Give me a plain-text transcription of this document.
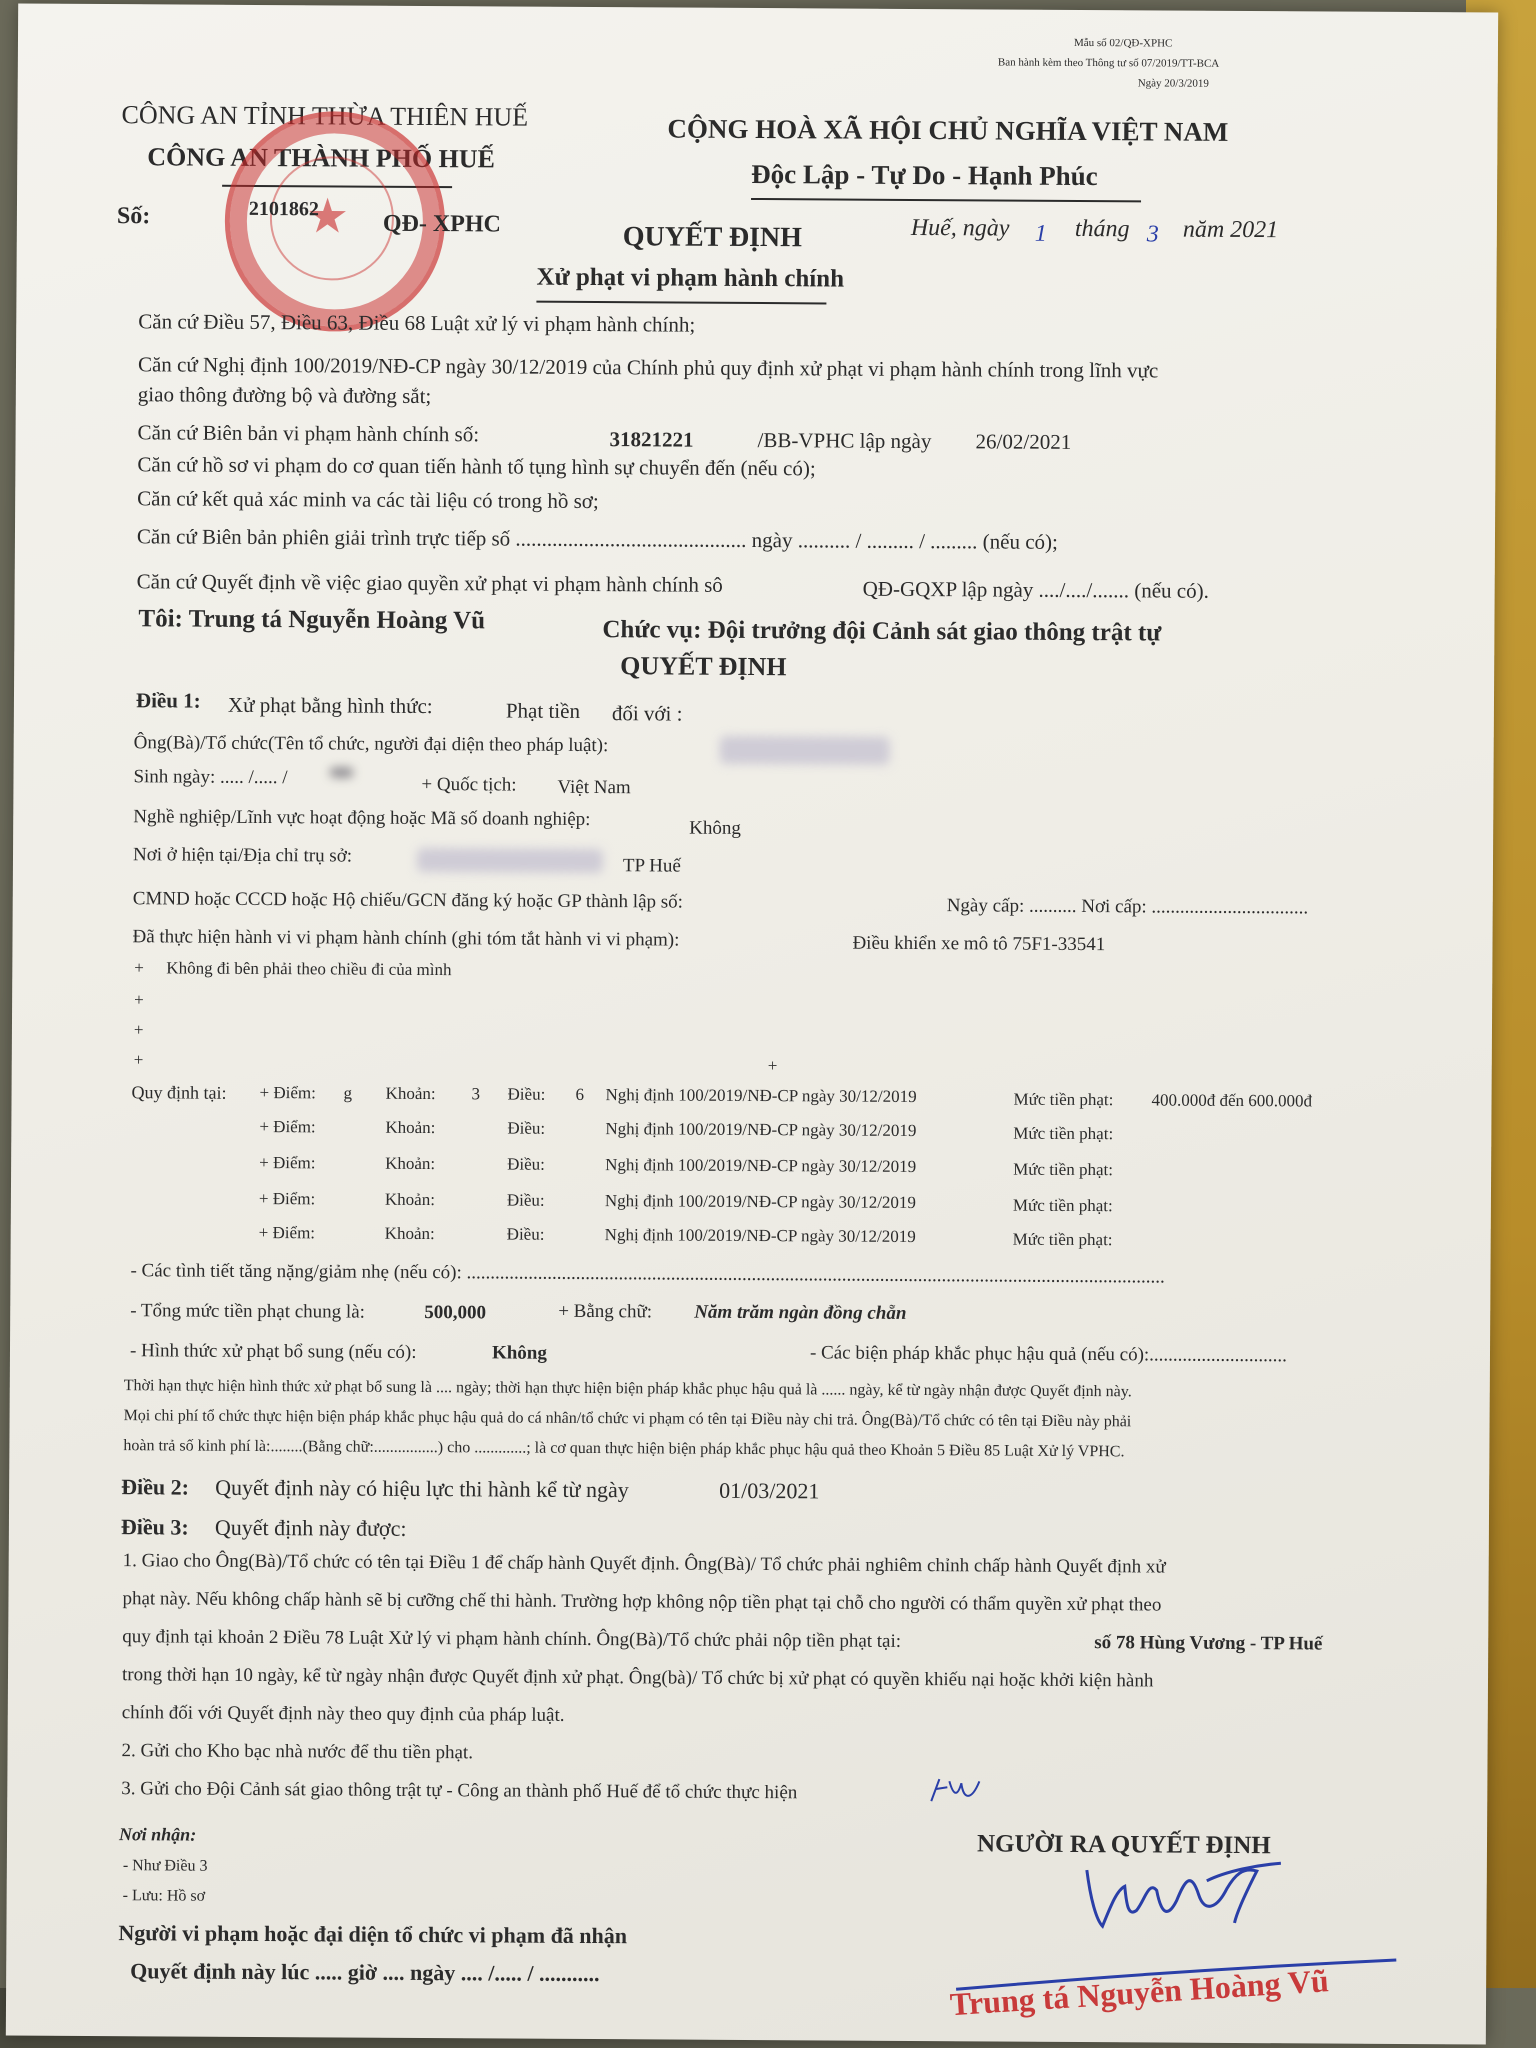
Mẫu số 02/QĐ-XPHC
Ban hành kèm theo Thông tư số 07/2019/TT-BCA
Ngày 20/3/2019
CÔNG AN TỈNH THỪA THIÊN HUẾ
CÔNG AN THÀNH PHỐ HUẾ
CỘNG HOÀ XÃ HỘI CHỦ NGHĨA VIỆT NAM
Độc Lập - Tự Do - Hạnh Phúc
★
Số:	2101862
QĐ- XPHC	Huế, ngày 1 tháng 3 năm 2021
QUYẾT ĐỊNH
Xử phạt vi phạm hành chính
Căn cứ Điều 57, Điều 63, Điều 68 Luật xử lý vi phạm hành chính;
Căn cứ Nghị định 100/2019/NĐ-CP ngày 30/12/2019 của Chính phủ quy định xử phạt vi phạm hành chính trong lĩnh vực
giao thông đường bộ và đường sắt;
Căn cứ Biên bản vi phạm hành chính số:	31821221	/BB-VPHC lập ngày 26/02/2021
Căn cứ hồ sơ vi phạm do cơ quan tiến hành tố tụng hình sự chuyển đến (nếu có);
Căn cứ kết quả xác minh va các tài liệu có trong hồ sơ;
Căn cứ Biên bản phiên giải trình trực tiếp số ............................................ ngày .......... / ......... / ......... (nếu có);
Căn cứ Quyết định về việc giao quyền xử phạt vi phạm hành chính sô	QĐ-GQXP lập ngày ..../..../....... (nếu có).
Tôi: Trung tá Nguyễn Hoàng Vũ	Chức vụ: Đội trưởng đội Cảnh sát giao thông trật tự
QUYẾT ĐỊNH
Điều 1: Xử phạt bằng hình thức:	Phạt tiền đối với :
Ông(Bà)/Tổ chức(Tên tổ chức, người đại diện theo pháp luật):
Sinh ngày: ..... /..... /	+ Quốc tịch: Việt Nam
Nghề nghiệp/Lĩnh vực hoạt động hoặc Mã số doanh nghiệp:	Không
Nơi ở hiện tại/Địa chỉ trụ sở:	TP Huế
CMND hoặc CCCD hoặc Hộ chiếu/GCN đăng ký hoặc GP thành lập số:	Ngày cấp: .......... Nơi cấp: .................................
Đã thực hiện hành vi vi phạm hành chính (ghi tóm tắt hành vi vi phạm):	Điều khiển xe mô tô 75F1-33541
+ Không đi bên phải theo chiều đi của mình
+
+
+	+
Quy định tại: + Điểm: g Khoản: 3 Điều: 6 Nghị định 100/2019/NĐ-CP ngày 30/12/2019	Mức tiền phạt: 400.000đ đến 600.000đ
+ Điểm:	Khoản:	Điều:	Nghị định 100/2019/NĐ-CP ngày 30/12/2019	Mức tiền phạt:
+ Điểm:	Khoản:	Điều:	Nghị định 100/2019/NĐ-CP ngày 30/12/2019	Mức tiền phạt:
+ Điểm:	Khoản:	Điều:	Nghị định 100/2019/NĐ-CP ngày 30/12/2019	Mức tiền phạt:
+ Điểm:	Khoản:	Điều:	Nghị định 100/2019/NĐ-CP ngày 30/12/2019	Mức tiền phạt:
- Các tình tiết tăng nặng/giảm nhẹ (nếu có): ...................................................................................................................................................
- Tổng mức tiền phạt chung là:	500,000	+ Bằng chữ: Năm trăm ngàn đồng chẵn
- Hình thức xử phạt bổ sung (nếu có):	Không	- Các biện pháp khắc phục hậu quả (nếu có):.............................
Thời hạn thực hiện hình thức xử phạt bổ sung là .... ngày; thời hạn thực hiện biện pháp khắc phục hậu quả là ...... ngày, kể từ ngày nhận được Quyết định này.
Mọi chi phí tổ chức thực hiện biện pháp khắc phục hậu quả do cá nhân/tổ chức vi phạm có tên tại Điều này chi trả. Ông(Bà)/Tổ chức có tên tại Điều này phải
hoàn trả số kinh phí là:........(Bằng chữ:................) cho .............; là cơ quan thực hiện biện pháp khắc phục hậu quả theo Khoản 5 Điều 85 Luật Xử lý VPHC.
Điều 2: Quyết định này có hiệu lực thi hành kể từ ngày	01/03/2021
Điều 3: Quyết định này được:
1. Giao cho Ông(Bà)/Tổ chức có tên tại Điều 1 để chấp hành Quyết định. Ông(Bà)/ Tổ chức phải nghiêm chỉnh chấp hành Quyết định xử
phạt này. Nếu không chấp hành sẽ bị cưỡng chế thi hành. Trường hợp không nộp tiền phạt tại chỗ cho người có thẩm quyền xử phạt theo
quy định tại khoản 2 Điều 78 Luật Xử lý vi phạm hành chính. Ông(Bà)/Tổ chức phải nộp tiền phạt tại:	số 78 Hùng Vương - TP Huế
trong thời hạn 10 ngày, kể từ ngày nhận được Quyết định xử phạt. Ông(bà)/ Tổ chức bị xử phạt có quyền khiếu nại hoặc khởi kiện hành
chính đối với Quyết định này theo quy định của pháp luật.
2. Gửi cho Kho bạc nhà nước để thu tiền phạt.
3. Gửi cho Đội Cảnh sát giao thông trật tự - Công an thành phố Huế để tổ chức thực hiện
Nơi nhận:
- Như Điều 3
- Lưu: Hồ sơ
NGƯỜI RA QUYẾT ĐỊNH
Trung tá Nguyễn Hoàng Vũ
Người vi phạm hoặc đại diện tổ chức vi phạm đã nhận
Quyết định này lúc ..... giờ .... ngày .... /..... / ...........
